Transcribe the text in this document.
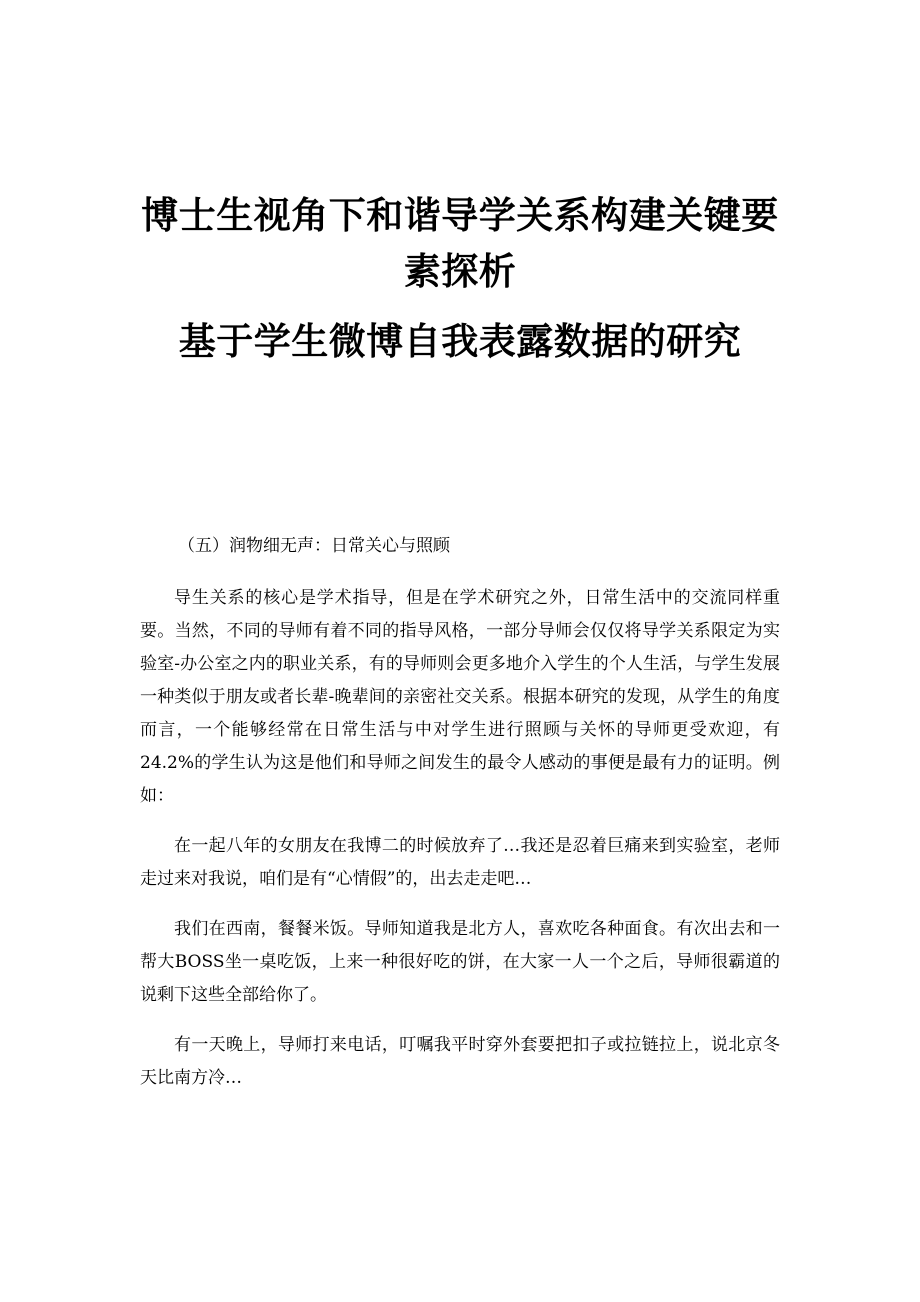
博士生视角下和谐导学关系构建关键要
素探析
基于学生微博自我表露数据的研究
（五）润物细无声：日常关心与照顾

导生关系的核心是学术指导，但是在学术研究之外，日常生活中的交流同样重要。当然，不同的导师有着不同的指导风格，一部分导师会仅仅将导学关系限定为实验室-办公室之内的职业关系，有的导师则会更多地介入学生的个人生活，与学生发展一种类似于朋友或者长辈-晚辈间的亲密社交关系。根据本研究的发现，从学生的角度而言，一个能够经常在日常生活与中对学生进行照顾与关怀的导师更受欢迎，有24.2%的学生认为这是他们和导师之间发生的最令人感动的事便是最有力的证明。例如：

在一起八年的女朋友在我博二的时候放弃了…我还是忍着巨痛来到实验室，老师走过来对我说，咱们是有“心情假”的，出去走走吧…

我们在西南，餐餐米饭。导师知道我是北方人，喜欢吃各种面食。有次出去和一帮大BOSS坐一桌吃饭，上来一种很好吃的饼，在大家一人一个之后，导师很霸道的说剩下这些全部给你了。

有一天晚上，导师打来电话，叮嘱我平时穿外套要把扣子或拉链拉上，说北京冬天比南方冷…
